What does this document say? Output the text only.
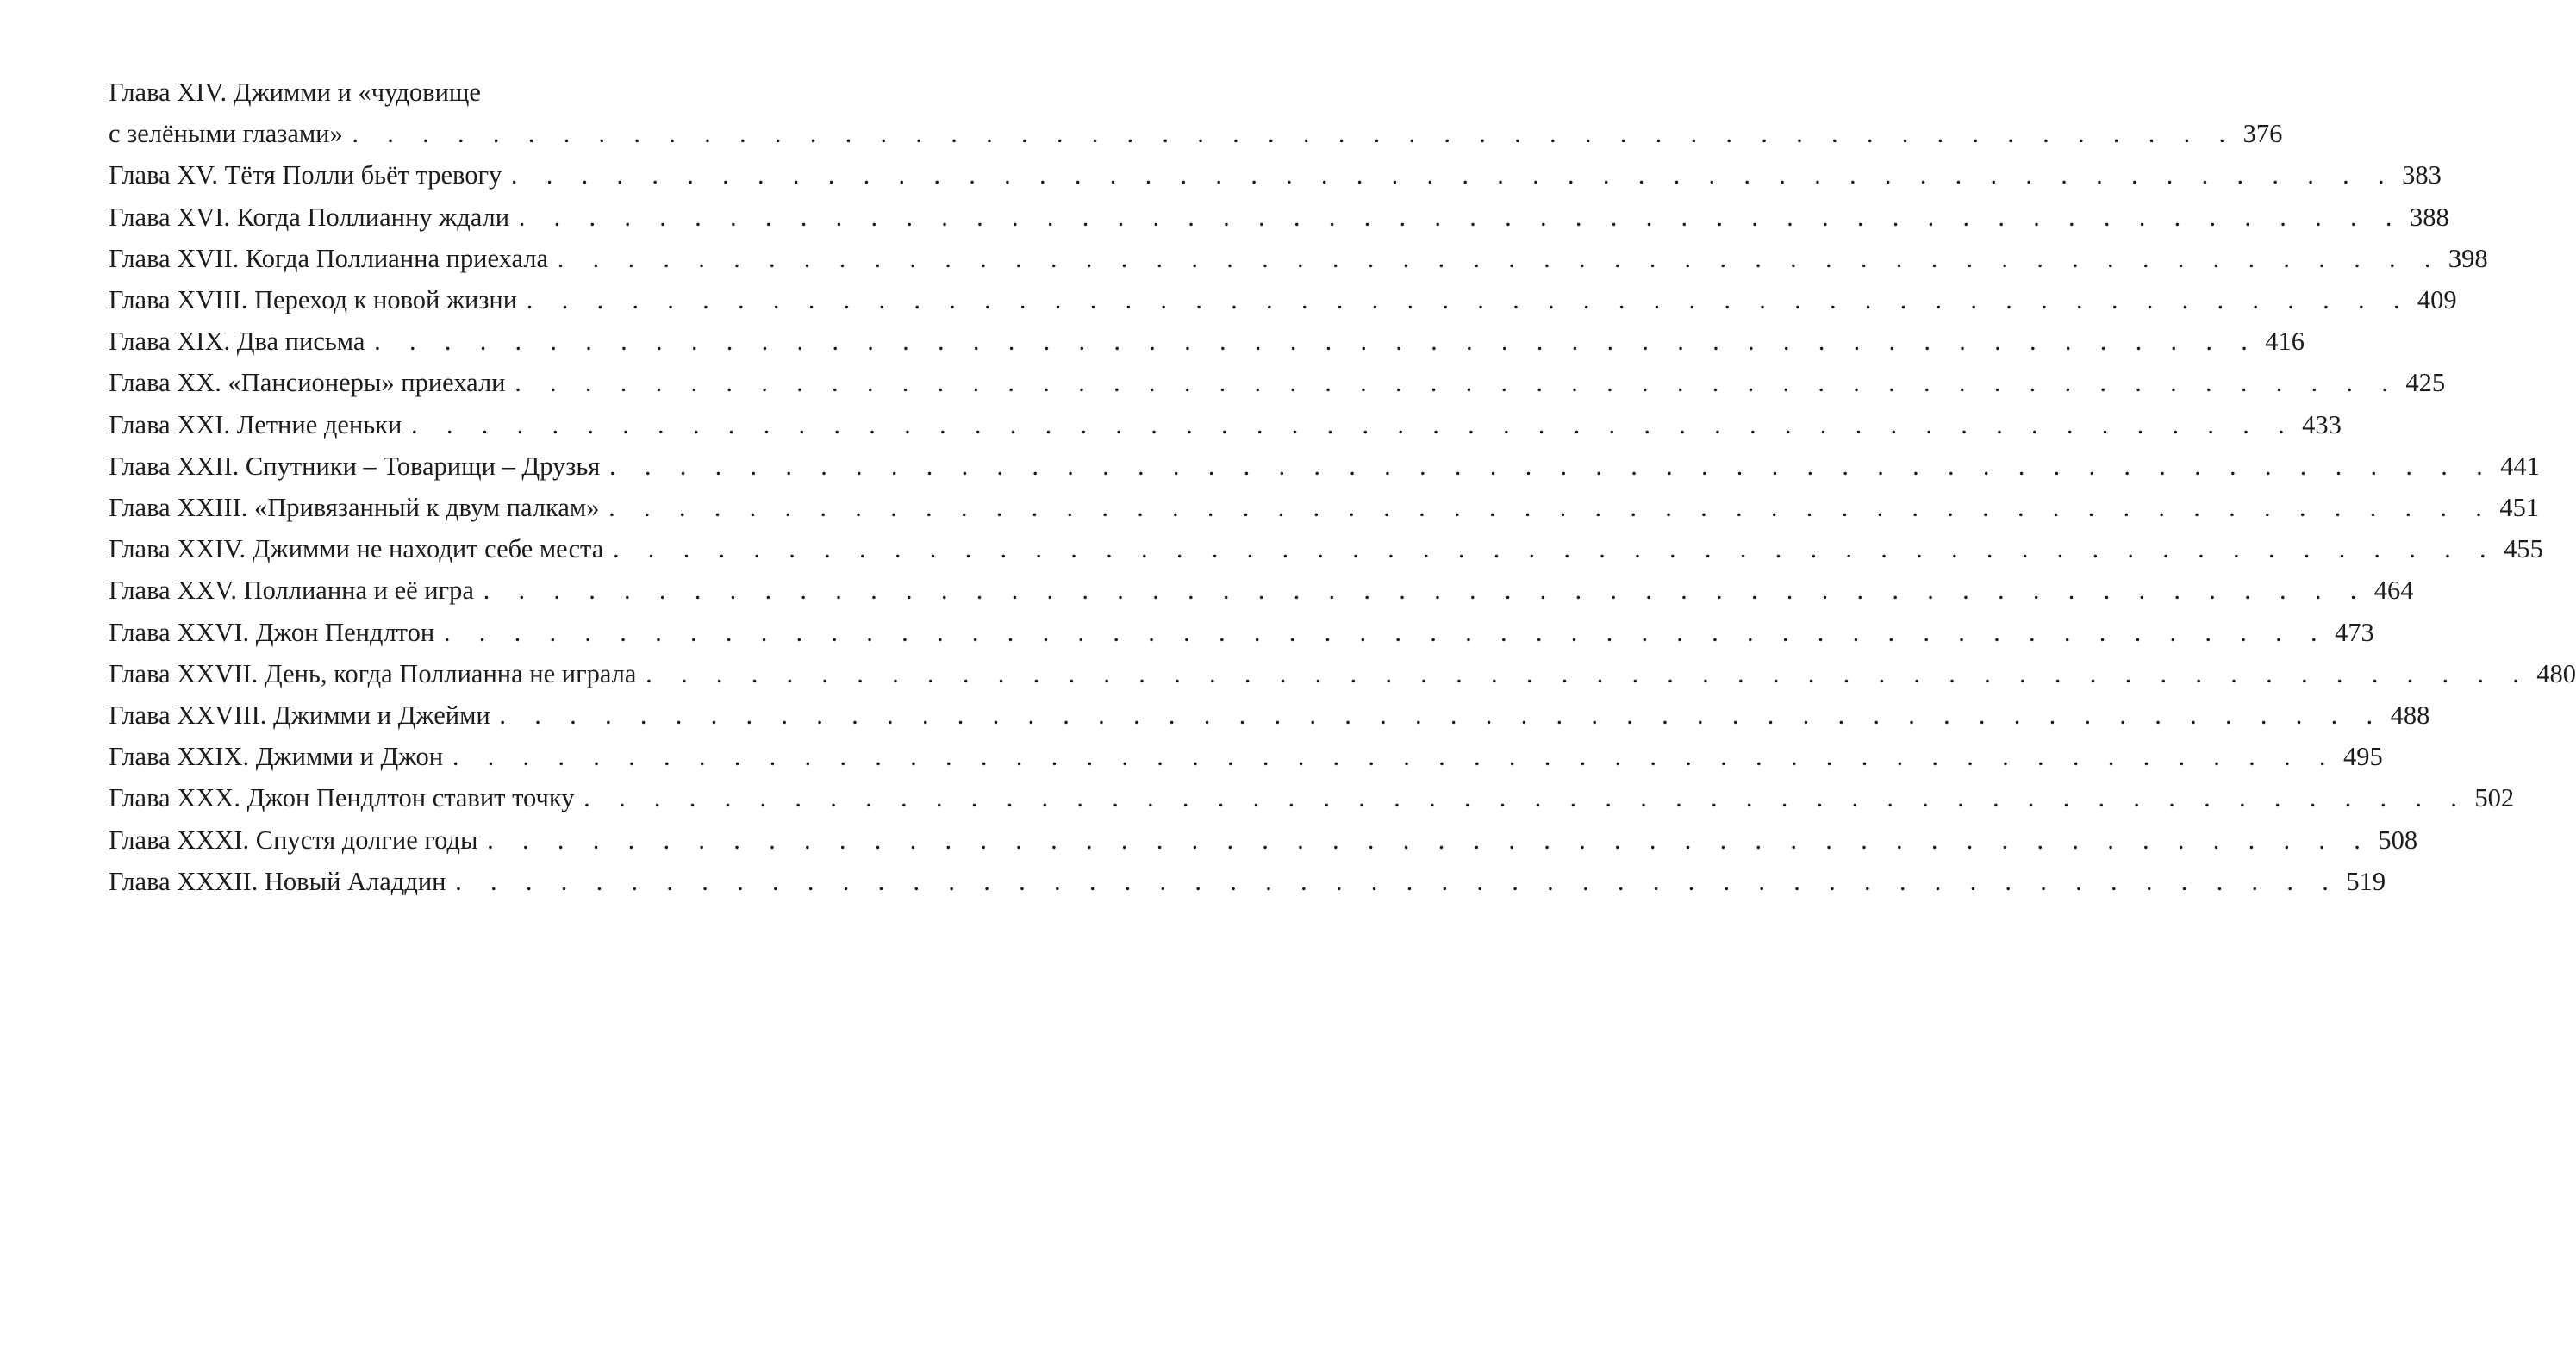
Глава XIV. Джимми и «чудовище
с зелёными глазами» . . . . . . . . . . . . . . . . . . . . . . . . . . . . . . . . . . . . . . . . . . . . . . . . . . . . . . 376
Глава XV. Тётя Полли бьёт тревогу . . . . . . . . . . . . . . . . . . . . . . . . . . . . . . . . . . . . . . . . . . . . . . . . . . . . . . 383
Глава XVI. Когда Поллианну ждали . . . . . . . . . . . . . . . . . . . . . . . . . . . . . . . . . . . . . . . . . . . . . . . . . . . . . . 388
Глава XVII. Когда Поллианна приехала . . . . . . . . . . . . . . . . . . . . . . . . . . . . . . . . . . . . . . . . . . . . . . . . . . . . . . 398
Глава XVIII. Переход к новой жизни . . . . . . . . . . . . . . . . . . . . . . . . . . . . . . . . . . . . . . . . . . . . . . . . . . . . . . 409
Глава XIX. Два письма . . . . . . . . . . . . . . . . . . . . . . . . . . . . . . . . . . . . . . . . . . . . . . . . . . . . . . 416
Глава XX. «Пансионеры» приехали . . . . . . . . . . . . . . . . . . . . . . . . . . . . . . . . . . . . . . . . . . . . . . . . . . . . . . 425
Глава XXI. Летние деньки . . . . . . . . . . . . . . . . . . . . . . . . . . . . . . . . . . . . . . . . . . . . . . . . . . . . . . 433
Глава XXII. Спутники – Товарищи – Друзья . . . . . . . . . . . . . . . . . . . . . . . . . . . . . . . . . . . . . . . . . . . . . . . . . . . . . . 441
Глава XXIII. «Привязанный к двум палкам» . . . . . . . . . . . . . . . . . . . . . . . . . . . . . . . . . . . . . . . . . . . . . . . . . . . . . . 451
Глава XXIV. Джимми не находит себе места . . . . . . . . . . . . . . . . . . . . . . . . . . . . . . . . . . . . . . . . . . . . . . . . . . . . . . 455
Глава XXV. Поллианна и её игра . . . . . . . . . . . . . . . . . . . . . . . . . . . . . . . . . . . . . . . . . . . . . . . . . . . . . . 464
Глава XXVI. Джон Пендлтон . . . . . . . . . . . . . . . . . . . . . . . . . . . . . . . . . . . . . . . . . . . . . . . . . . . . . . 473
Глава XXVII. День, когда Поллианна не играла . . . . . . . . . . . . . . . . . . . . . . . . . . . . . . . . . . . . . . . . . . . . . . . . . . . . . . 480
Глава XXVIII. Джимми и Джейми . . . . . . . . . . . . . . . . . . . . . . . . . . . . . . . . . . . . . . . . . . . . . . . . . . . . . . 488
Глава XXIX. Джимми и Джон . . . . . . . . . . . . . . . . . . . . . . . . . . . . . . . . . . . . . . . . . . . . . . . . . . . . . . 495
Глава XXX. Джон Пендлтон ставит точку . . . . . . . . . . . . . . . . . . . . . . . . . . . . . . . . . . . . . . . . . . . . . . . . . . . . . . 502
Глава XXXI. Спустя долгие годы . . . . . . . . . . . . . . . . . . . . . . . . . . . . . . . . . . . . . . . . . . . . . . . . . . . . . . 508
Глава XXXII. Новый Аладдин . . . . . . . . . . . . . . . . . . . . . . . . . . . . . . . . . . . . . . . . . . . . . . . . . . . . . . 519
